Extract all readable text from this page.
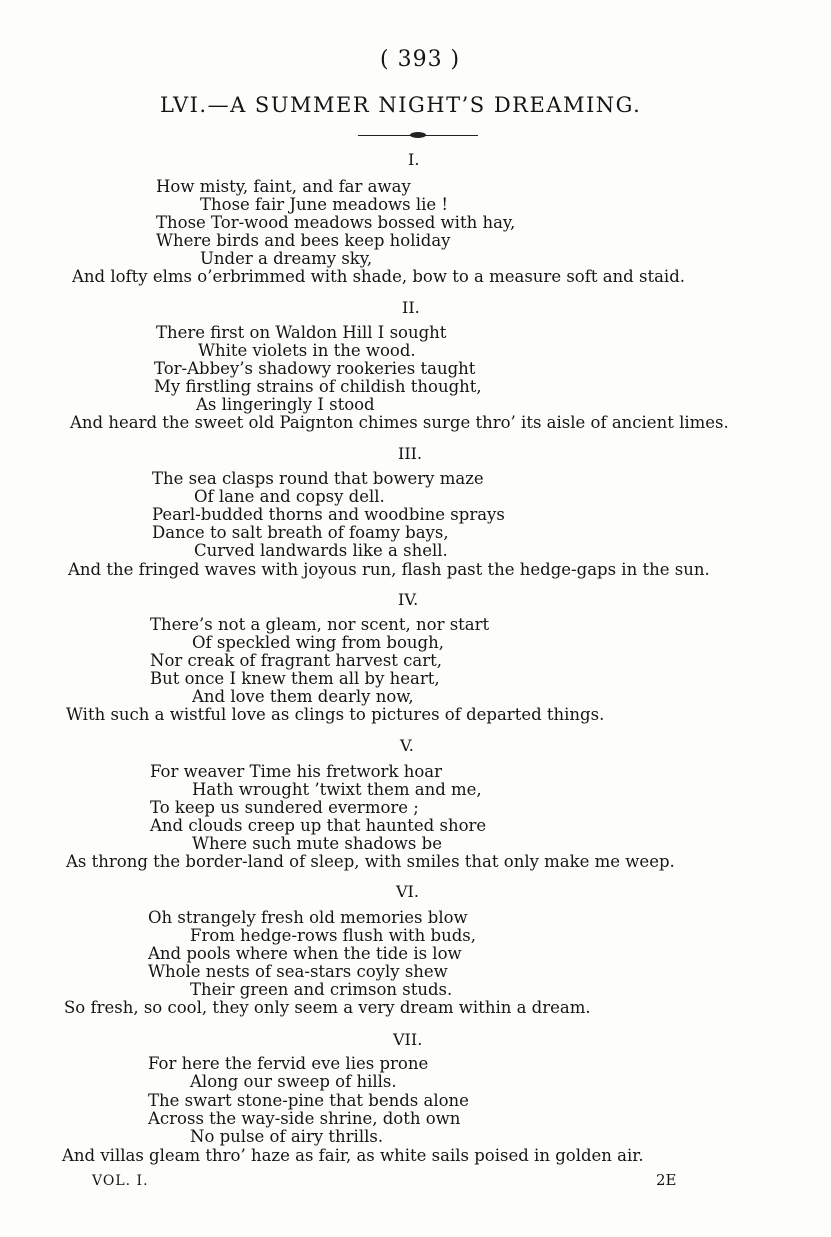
( 393 )
LVI.—A SUMMER NIGHT’S DREAMING.
I.
How misty, faint, and far away
Those fair June meadows lie !
Those Tor-wood meadows bossed with hay,
Where birds and bees keep holiday
Under a dreamy sky,
And lofty elms o’erbrimmed with shade, bow to a measure soft and staid.
II.
There first on Waldon Hill I sought
White violets in the wood.
Tor-Abbey’s shadowy rookeries taught
My firstling strains of childish thought,
As lingeringly I stood
And heard the sweet old Paignton chimes surge thro’ its aisle of ancient limes.
III.
The sea clasps round that bowery maze
Of lane and copsy dell.
Pearl-budded thorns and woodbine sprays
Dance to salt breath of foamy bays,
Curved landwards like a shell.
And the fringed waves with joyous run, flash past the hedge-gaps in the sun.
IV.
There’s not a gleam, nor scent, nor start
Of speckled wing from bough,
Nor creak of fragrant harvest cart,
But once I knew them all by heart,
And love them dearly now,
With such a wistful love as clings to pictures of departed things.
V.
For weaver Time his fretwork hoar
Hath wrought ’twixt them and me,
To keep us sundered evermore ;
And clouds creep up that haunted shore
Where such mute shadows be
As throng the border-land of sleep, with smiles that only make me weep.
VI.
Oh strangely fresh old memories blow
From hedge-rows flush with buds,
And pools where when the tide is low
Whole nests of sea-stars coyly shew
Their green and crimson studs.
So fresh, so cool, they only seem a very dream within a dream.
VII.
For here the fervid eve lies prone
Along our sweep of hills.
The swart stone-pine that bends alone
Across the way-side shrine, doth own
No pulse of airy thrills.
And villas gleam thro’ haze as fair, as white sails poised in golden air.
VOL. I.	2E
